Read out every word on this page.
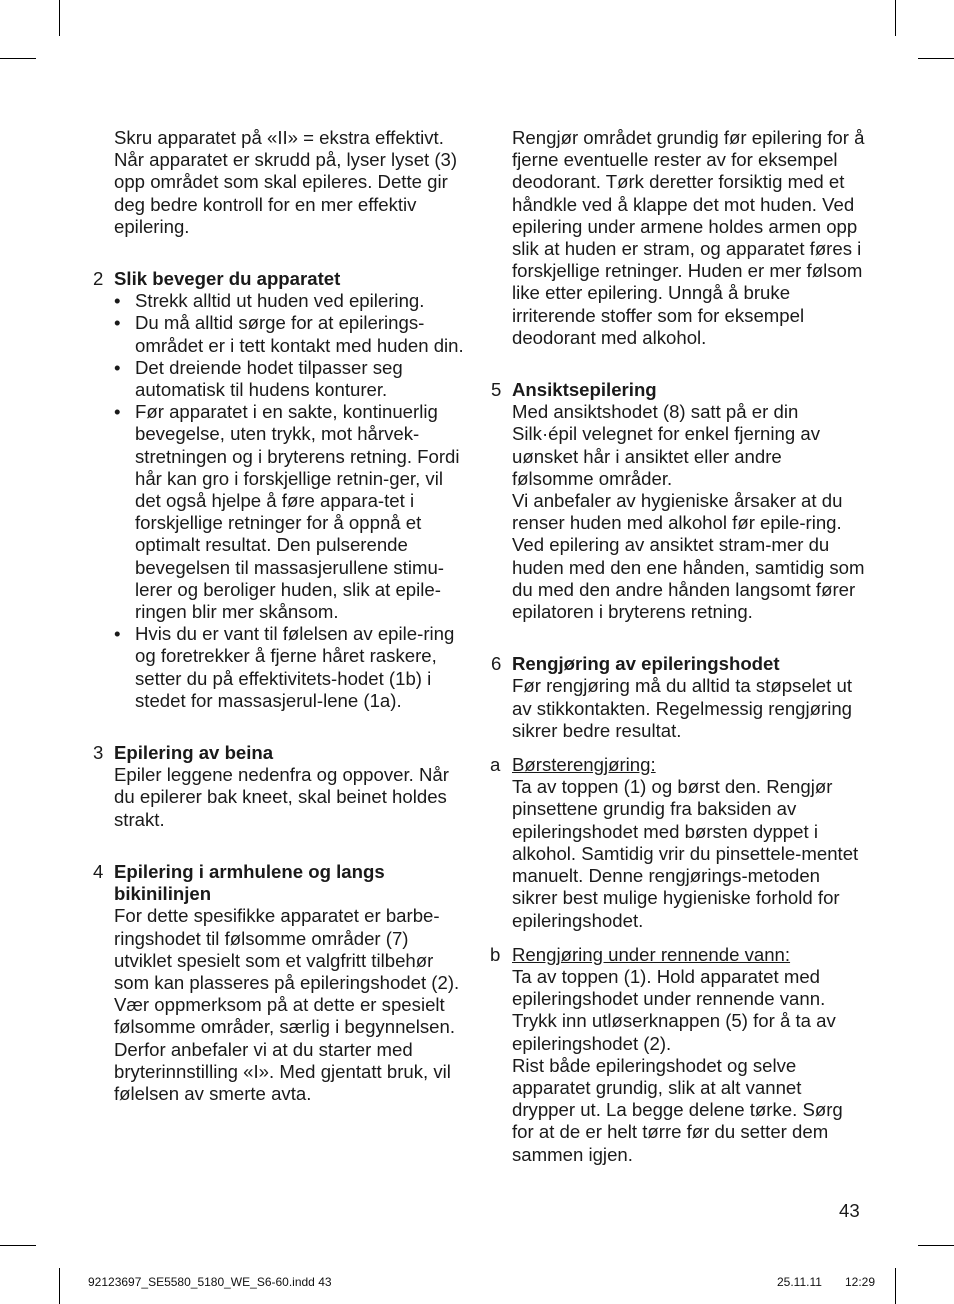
Skru apparatet på «II» = ekstra effektivt. Når apparatet er skrudd på, lyser lyset (3) opp området som skal epileres. Dette gir deg bedre kontroll for en mer effektiv epilering.

2 Slik beveger du apparatet
• Strekk alltid ut huden ved epilering.
• Du må alltid sørge for at epilerings-området er i tett kontakt med huden din.
• Det dreiende hodet tilpasser seg automatisk til hudens konturer.
• Før apparatet i en sakte, kontinuerlig bevegelse, uten trykk, mot hårvek-stretningen og i bryterens retning. Fordi hår kan gro i forskjellige retnin-ger, vil det også hjelpe å føre appara-tet i forskjellige retninger for å oppnå et optimalt resultat. Den pulserende bevegelsen til massasjerullene stimu-lerer og beroliger huden, slik at epile-ringen blir mer skånsom.
• Hvis du er vant til følelsen av epile-ring og foretrekker å fjerne håret raskere, setter du på effektivitets-hodet (1b) i stedet for massasjerul-lene (1a).
3 Epilering av beina
Epiler leggene nedenfra og oppover. Når du epilerer bak kneet, skal beinet holdes strakt.
4 Epilering i armhulene og langs bikinilinjen
For dette spesifikke apparatet er barbe-ringshodet til følsomme områder (7) utviklet spesielt som et valgfritt tilbehør som kan plasseres på epileringshodet (2).
Vær oppmerksom på at dette er spesielt følsomme områder, særlig i begynnelsen. Derfor anbefaler vi at du starter med bryterinnstilling «I». Med gjentatt bruk, vil følelsen av smerte avta.

Rengjør området grundig før epilering for å fjerne eventuelle rester av for eksempel deodorant. Tørk deretter forsiktig med et håndkle ved å klappe det mot huden. Ved epilering under armene holdes armen opp slik at huden er stram, og apparatet føres i forskjellige retninger. Huden er mer følsom like etter epilering. Unngå å bruke irriterende stoffer som for eksempel deodorant med alkohol.

5 Ansiktsepilering
Med ansiktshodet (8) satt på er din Silk·épil velegnet for enkel fjerning av uønsket hår i ansiktet eller andre følsomme områder.
Vi anbefaler av hygieniske årsaker at du renser huden med alkohol før epile-ring. Ved epilering av ansiktet stram-mer du huden med den ene hånden, samtidig som du med den andre hånden langsomt fører epilatoren i bryterens retning.
6 Rengjøring av epileringshodet
Før rengjøring må du alltid ta støpselet ut av stikkontakten. Regelmessig rengjøring sikrer bedre resultat.
a Børsterengjøring:
Ta av toppen (1) og børst den. Rengjør pinsettene grundig fra baksiden av epileringshodet med børsten dyppet i alkohol. Samtidig vrir du pinsettele-mentet manuelt. Denne rengjørings-metoden sikrer best mulige hygieniske forhold for epileringshodet.
b Rengjøring under rennende vann:
Ta av toppen (1). Hold apparatet med epileringshodet under rennende vann. Trykk inn utløserknappen (5) for å ta av epileringshodet (2).
Rist både epileringshodet og selve apparatet grundig, slik at alt vannet drypper ut. La begge delene tørke. Sørg for at de er helt tørre før du setter dem sammen igjen.
43
92123697_SE5580_5180_WE_S6-60.indd 43	25.11.11 12:29
